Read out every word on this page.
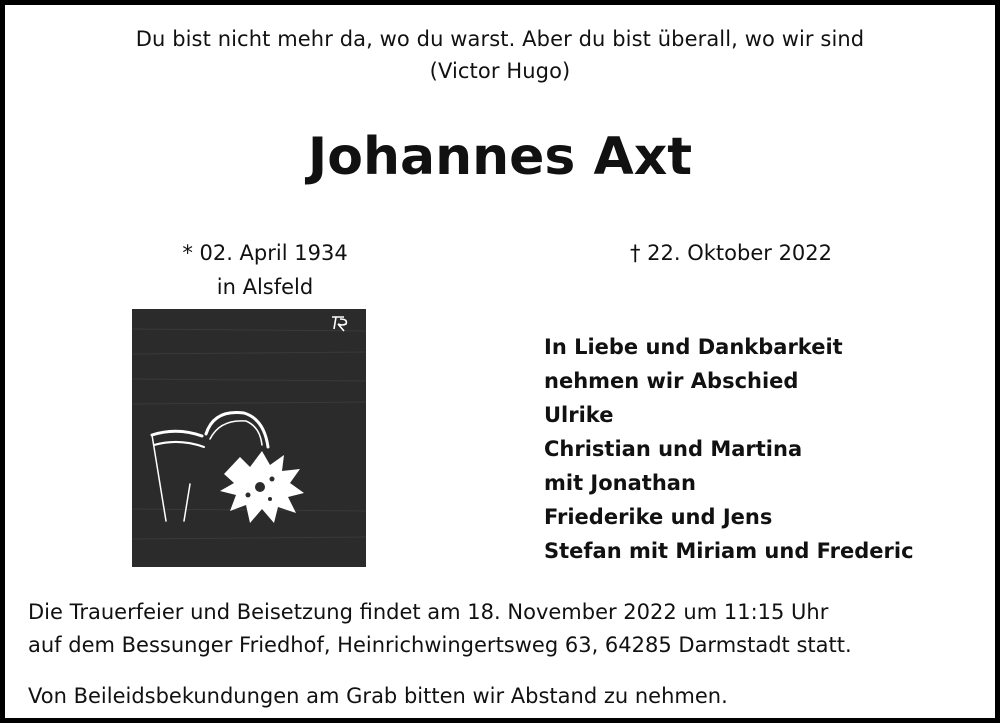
Du bist nicht mehr da, wo du warst. Aber du bist überall, wo wir sind
(Victor Hugo)
Johannes Axt
* 02. April 1934
in Alsfeld
† 22. Oktober 2022
In Liebe und Dankbarkeit
nehmen wir Abschied
Ulrike
Christian und Martina
mit Jonathan
Friederike und Jens
Stefan mit Miriam und Frederic
Die Trauerfeier und Beisetzung findet am 18. November 2022 um 11:15 Uhr
auf dem Bessunger Friedhof, Heinrichwingertsweg 63, 64285 Darmstadt statt.
Von Beileidsbekundungen am Grab bitten wir Abstand zu nehmen.
